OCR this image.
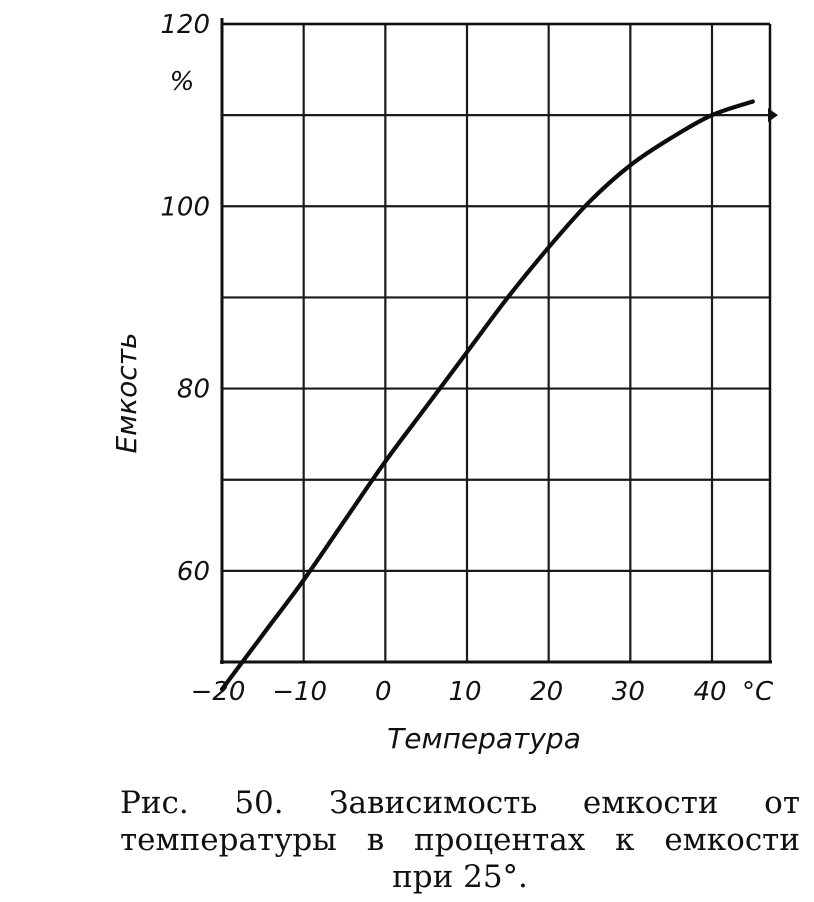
60
80
100
120
−20 −10 0 10 20 30 40 °C
%
Температура
Емкость
Рис. 50. Зависимость емкости от
температуры в процентах к емкости
при 25°.
